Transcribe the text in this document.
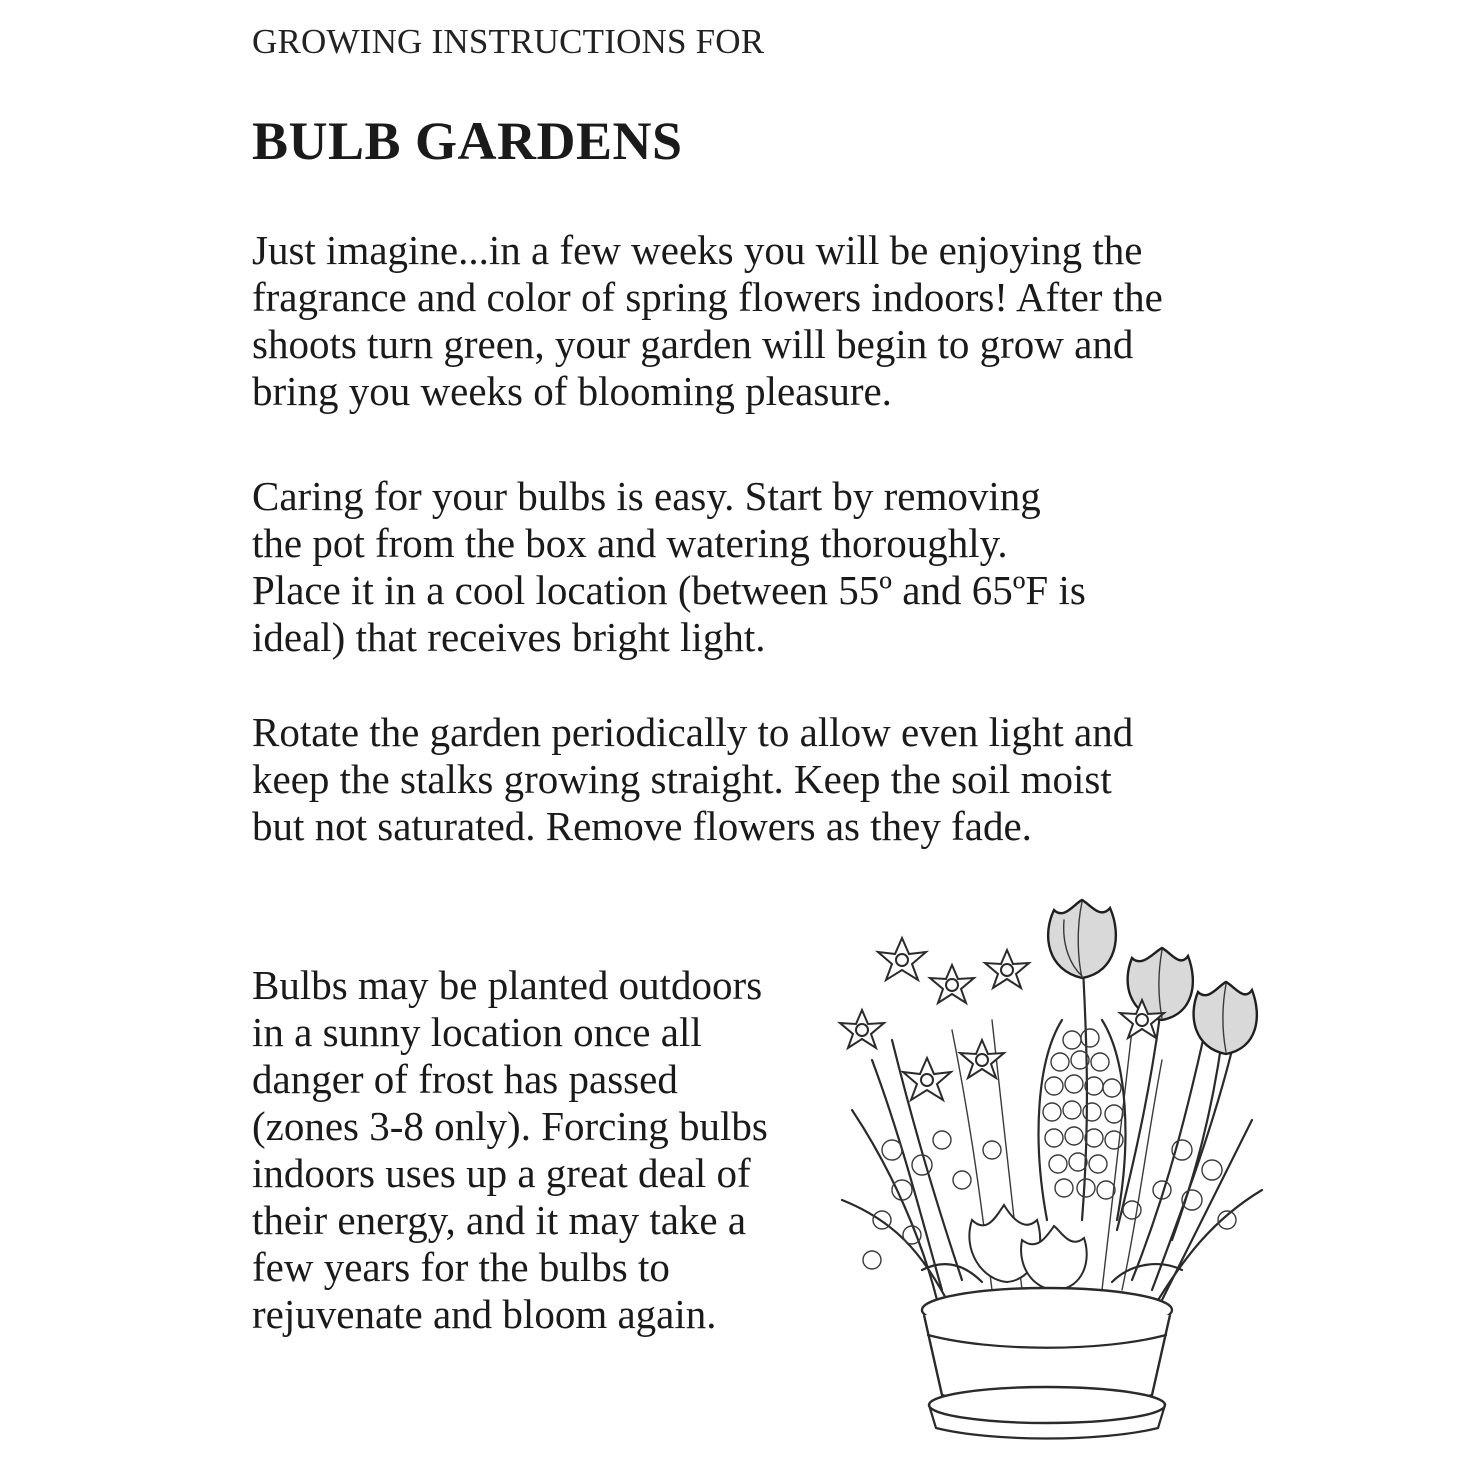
GROWING INSTRUCTIONS FOR
BULB GARDENS
Just imagine...in a few weeks you will be enjoying the
fragrance and color of spring flowers indoors! After the
shoots turn green, your garden will begin to grow and
bring you weeks of blooming pleasure.
Caring for your bulbs is easy. Start by removing
the pot from the box and watering thoroughly.
Place it in a cool location (between 55º and 65ºF is
ideal) that receives bright light.
Rotate the garden periodically to allow even light and
keep the stalks growing straight. Keep the soil moist
but not saturated. Remove flowers as they fade.
Bulbs may be planted outdoors
in a sunny location once all
danger of frost has passed
(zones 3-8 only). Forcing bulbs
indoors uses up a great deal of
their energy, and it may take a
few years for the bulbs to
rejuvenate and bloom again.
